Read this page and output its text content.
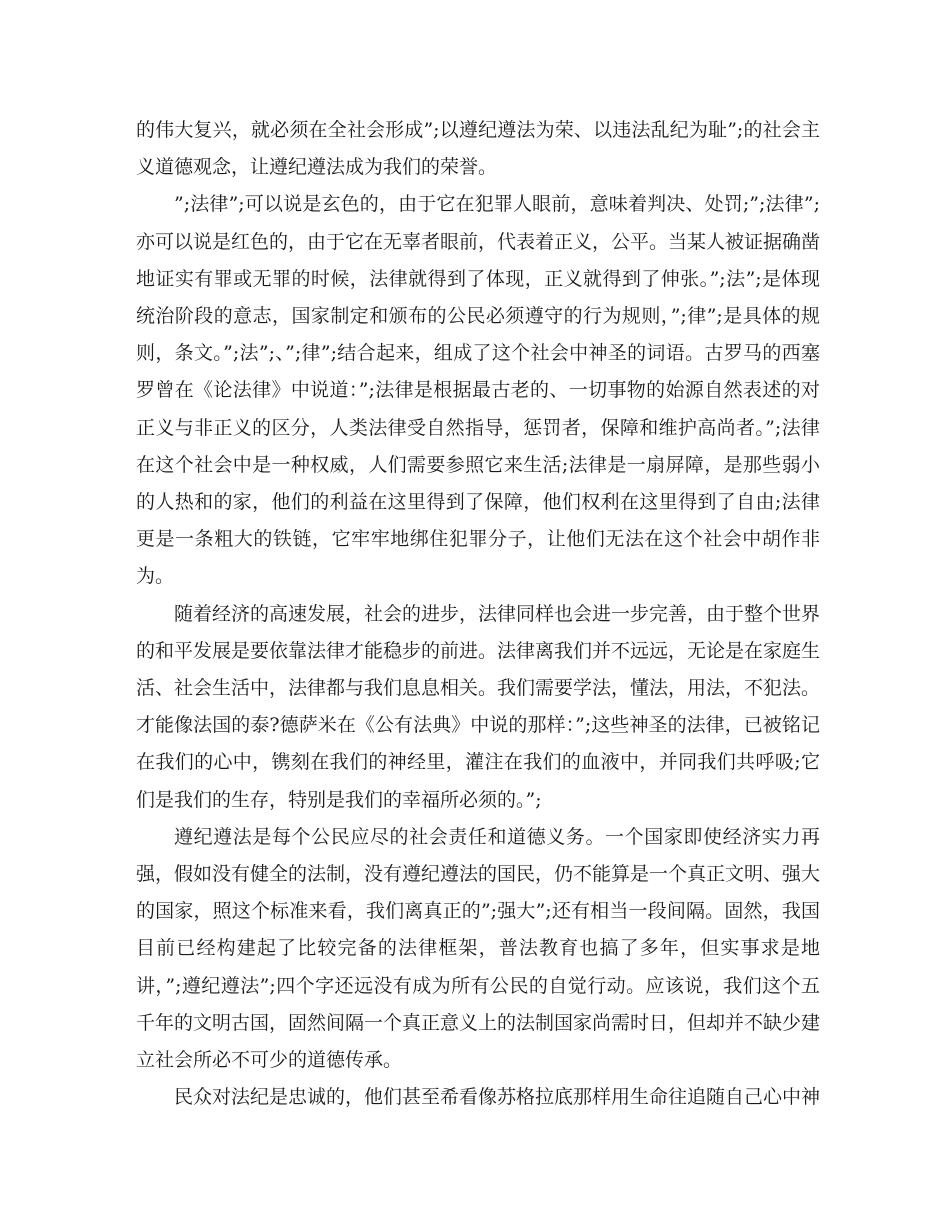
的伟大复兴，就必须在全社会形成”;以遵纪遵法为荣、以违法乱纪为耻”;的社会主义道德观念，让遵纪遵法成为我们的荣誉。

”;法律”;可以说是玄色的，由于它在犯罪人眼前，意味着判决、处罚;”;法律”;亦可以说是红色的，由于它在无辜者眼前，代表着正义，公平。当某人被证据确凿地证实有罪或无罪的时候，法律就得到了体现，正义就得到了伸张。”;法”;是体现统治阶段的意志，国家制定和颁布的公民必须遵守的行为规则，”;律”;是具体的规则，条文。”;法”;、”;律”;结合起来，组成了这个社会中神圣的词语。古罗马的西塞罗曾在《论法律》中说道：”;法律是根据最古老的、一切事物的始源自然表述的对正义与非正义的区分，人类法律受自然指导，惩罚者，保障和维护高尚者。”;法律在这个社会中是一种权威，人们需要参照它来生活;法律是一扇屏障，是那些弱小的人热和的家，他们的利益在这里得到了保障，他们权利在这里得到了自由;法律更是一条粗大的铁链，它牢牢地绑住犯罪分子，让他们无法在这个社会中胡作非为。

随着经济的高速发展，社会的进步，法律同样也会进一步完善，由于整个世界的和平发展是要依靠法律才能稳步的前进。法律离我们并不远远，无论是在家庭生活、社会生活中，法律都与我们息息相关。我们需要学法，懂法，用法，不犯法。才能像法国的泰?德萨米在《公有法典》中说的那样：”;这些神圣的法律，已被铭记在我们的心中，镌刻在我们的神经里，灌注在我们的血液中，并同我们共呼吸;它们是我们的生存，特别是我们的幸福所必须的。”;

遵纪遵法是每个公民应尽的社会责任和道德义务。一个国家即使经济实力再强，假如没有健全的法制，没有遵纪遵法的国民，仍不能算是一个真正文明、强大的国家，照这个标准来看，我们离真正的”;强大”;还有相当一段间隔。固然，我国目前已经构建起了比较完备的法律框架，普法教育也搞了多年，但实事求是地讲，”;遵纪遵法”;四个字还远没有成为所有公民的自觉行动。应该说，我们这个五千年的文明古国，固然间隔一个真正意义上的法制国家尚需时日，但却并不缺少建立社会所必不可少的道德传承。

民众对法纪是忠诚的，他们甚至希看像苏格拉底那样用生命往追随自己心中神
